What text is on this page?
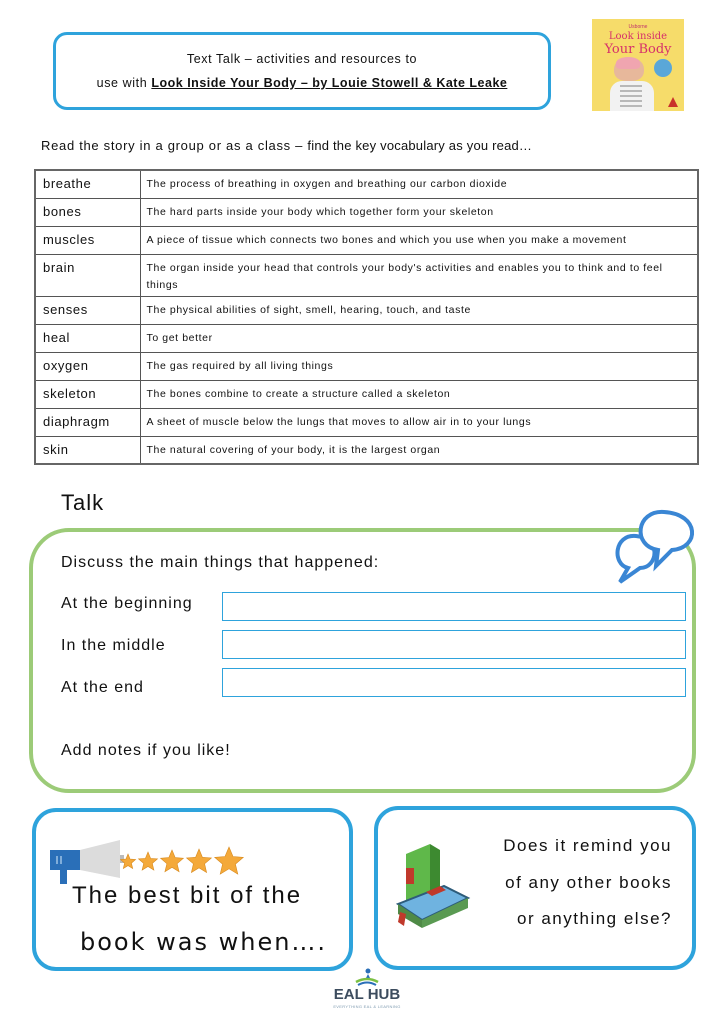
Text Talk – activities and resources to
use with Look Inside Your Body – by Louie Stowell & Kate Leake
Usborne
Look inside
Your Body
Read the story in a group or as a class – find the key vocabulary as you read…
breathe	The process of breathing in oxygen and breathing our carbon dioxide
bones	The hard parts inside your body which together form your skeleton
muscles	A piece of tissue which connects two bones and which you use when you make a movement
brain	The organ inside your head that controls your body's activities and enables you to think and to feel things
senses	The physical abilities of sight, smell, hearing, touch, and taste
heal	To get better
oxygen	The gas required by all living things
skeleton	The bones combine to create a structure called a skeleton
diaphragm	A sheet of muscle below the lungs that moves to allow air in to your lungs
skin	The natural covering of your body, it is the largest organ
Talk
Discuss the main things that happened:
At the beginning
In the middle
At the end
Add notes if you like!
The best bit of the
book was when….
Does it remind you
of any other books
or anything else?
EAL HUB
EVERYTHING EAL & LEARNING
